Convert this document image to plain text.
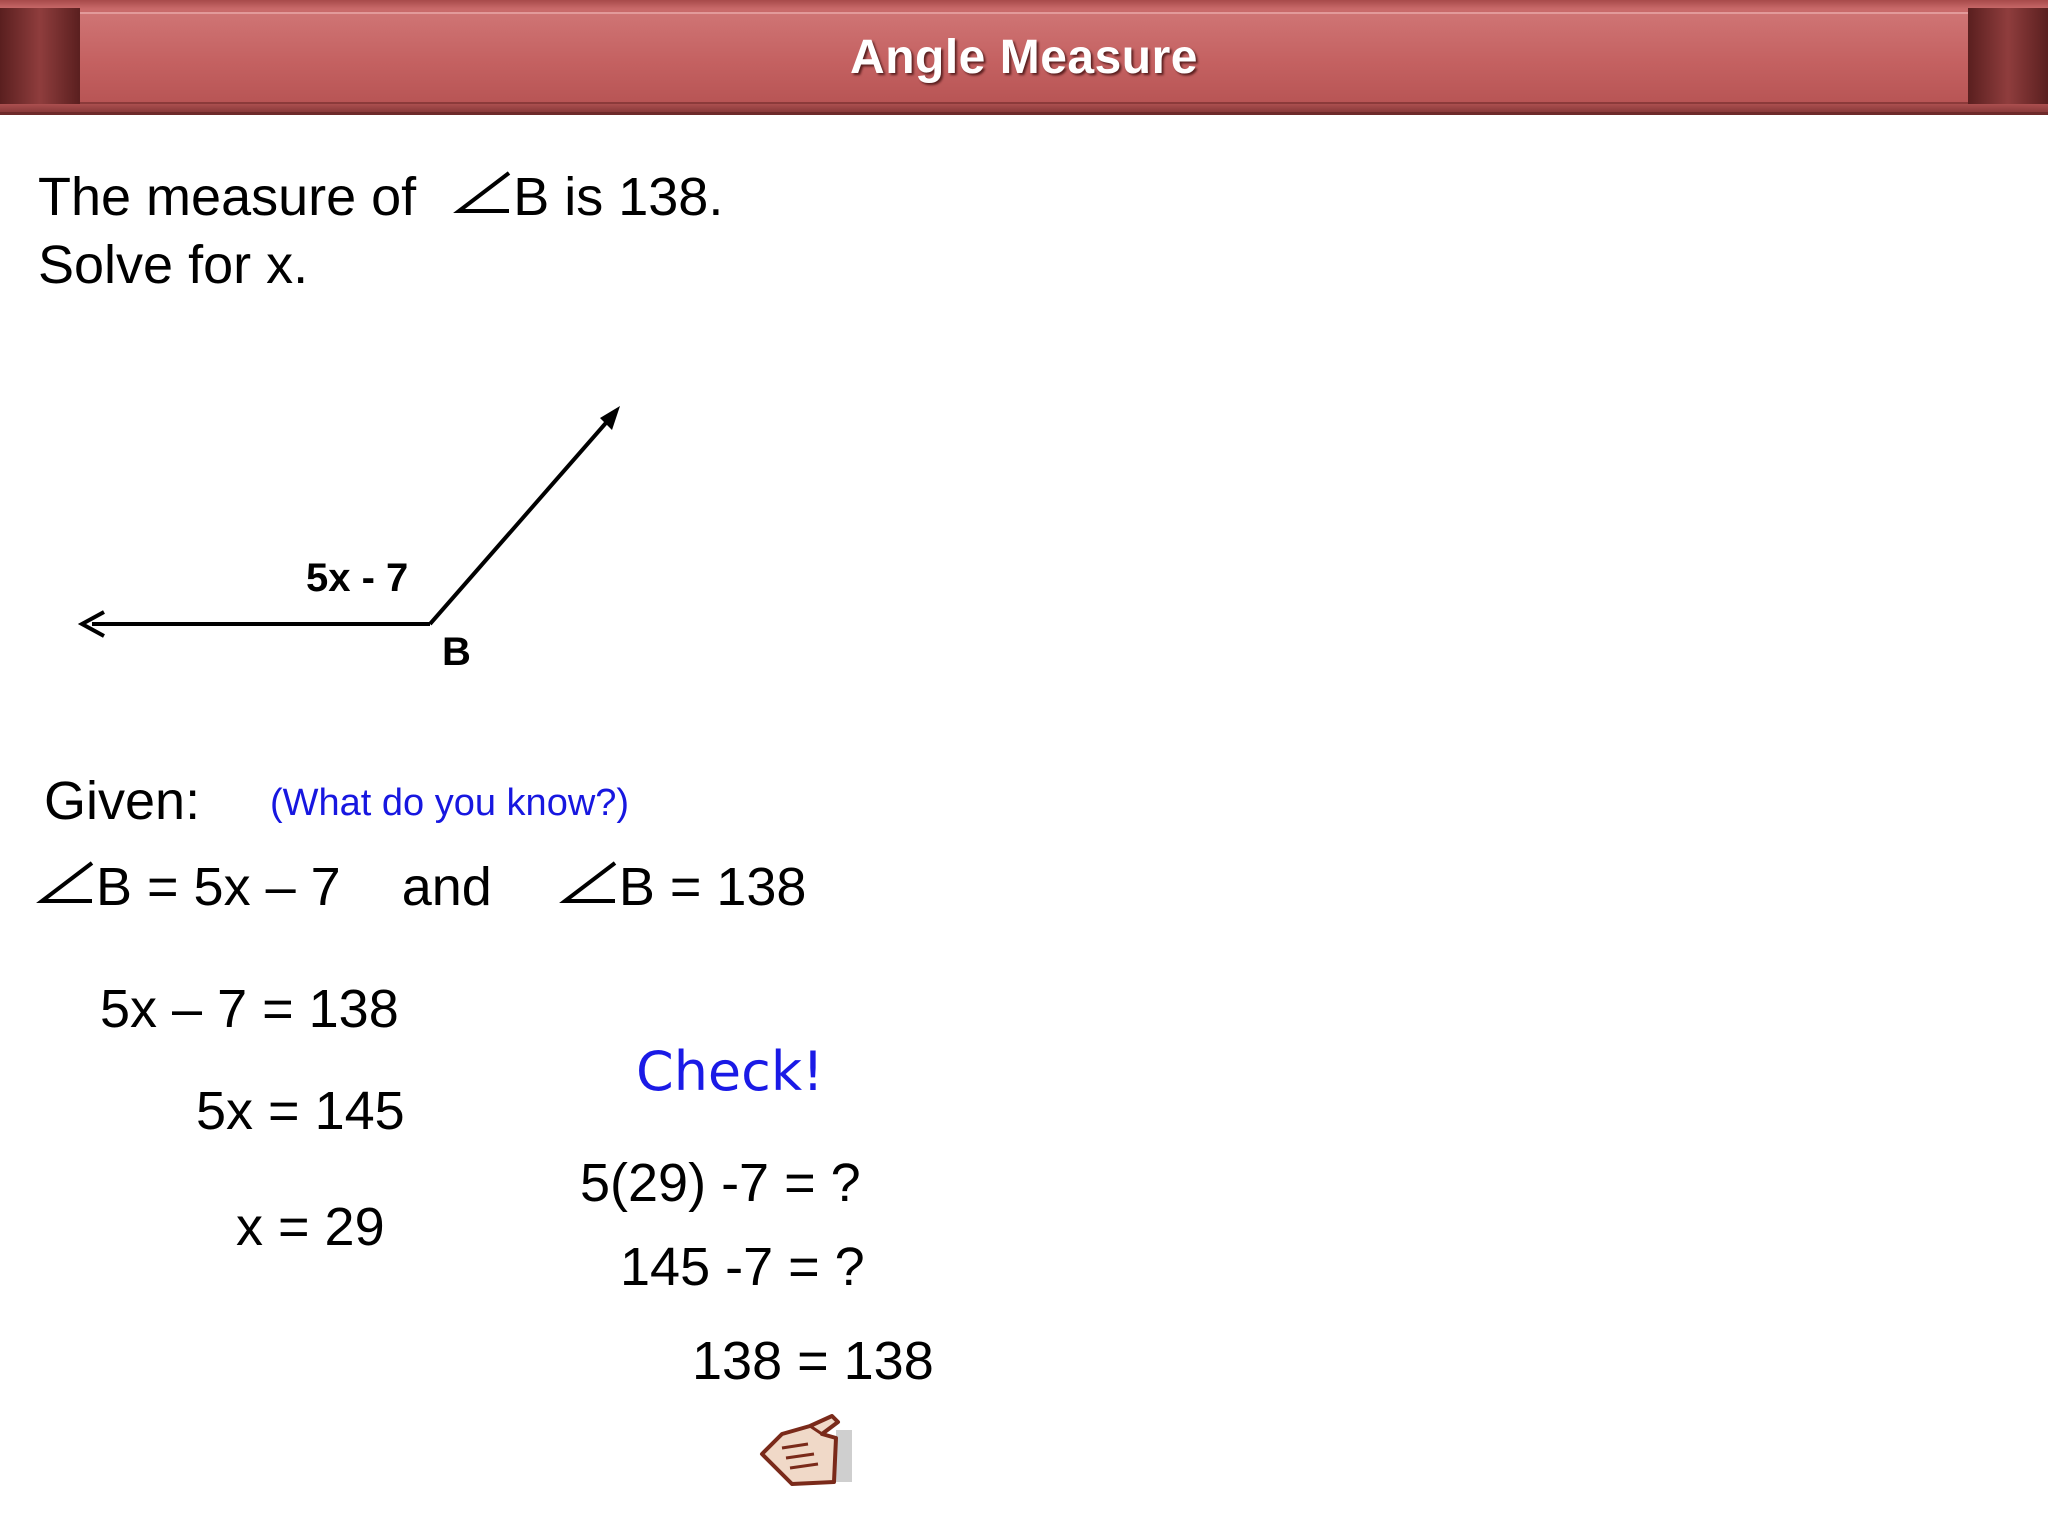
Angle Measure
The measure of B is 138.
Solve for x.
5x - 7
B
Given: (What do you know?)
B = 5x – 7 and B = 138
5x – 7 = 138
5x = 145
x = 29
Check!
5(29) -7 = ?
145 -7 = ?
138 = 138
